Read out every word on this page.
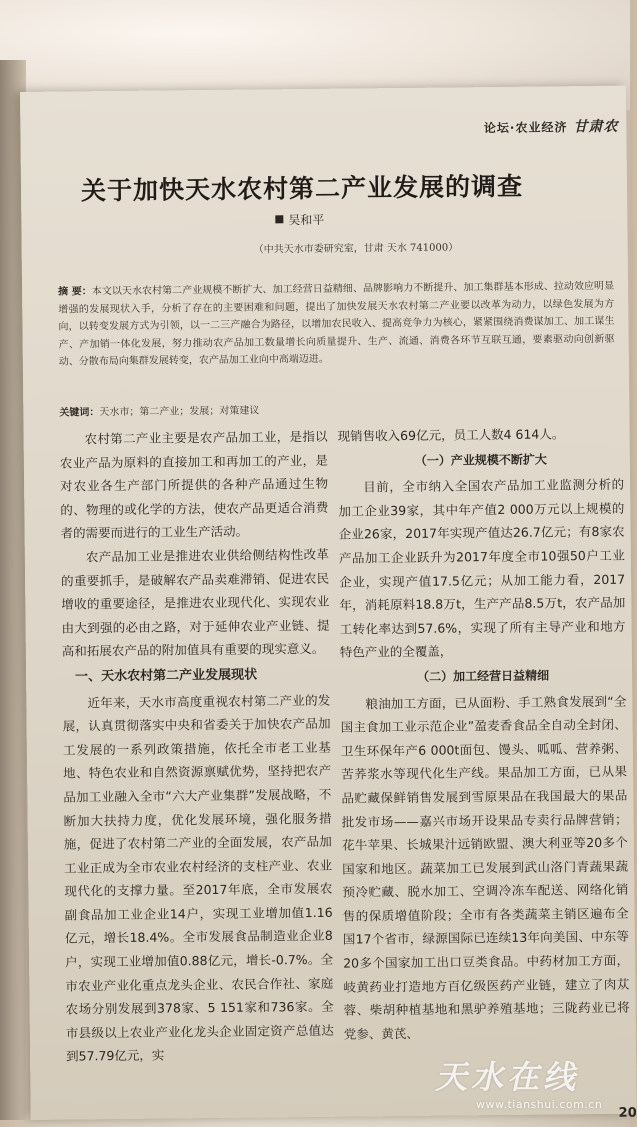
论坛·农业经济 甘肃农
关于加快天水农村第二产业发展的调查
吴和平
（中共天水市委研究室，甘肃 天水 741000）
摘 要：本文以天水农村第二产业规模不断扩大、加工经营日益精细、品牌影响力不断提升、加工集群基本形成、拉动效应明显增强的发展现状入手，分析了存在的主要困难和问题，提出了加快发展天水农村第二产业要以改革为动力，以绿色发展为方向，以转变发展方式为引领，以一二三产融合为路径，以增加农民收入、提高竞争力为核心，紧紧围绕消费谋加工、加工谋生产、产加销一体化发展，努力推动农产品加工数量增长向质量提升、生产、流通、消费各环节互联互通，要素驱动向创新驱动、分散布局向集群发展转变，农产品加工业向中高端迈进。
关键词：天水市；第二产业；发展；对策建议

农村第二产业主要是农产品加工业，是指以农业产品为原料的直接加工和再加工的产业，是对农业各生产部门所提供的各种产品通过生物的、物理的或化学的方法，使农产品更适合消费者的需要而进行的工业生产活动。

农产品加工业是推进农业供给侧结构性改革的重要抓手，是破解农产品卖难滞销、促进农民增收的重要途径，是推进农业现代化、实现农业由大到强的必由之路，对于延伸农业产业链、提高和拓展农产品的附加值具有重要的现实意义。

一、天水农村第二产业发展现状

近年来，天水市高度重视农村第二产业的发展，认真贯彻落实中央和省委关于加快农产品加工发展的一系列政策措施，依托全市老工业基地、特色农业和自然资源禀赋优势，坚持把农产品加工业融入全市“六大产业集群”发展战略，不断加大扶持力度，优化发展环境，强化服务措施，促进了农村第二产业的全面发展，农产品加工业正成为全市农业农村经济的支柱产业、农业现代化的支撑力量。至2017年底，全市发展农副食品加工业企业14户，实现工业增加值1.16亿元，增长18.4%。全市发展食品制造业企业8户，实现工业增加值0.88亿元，增长-0.7%。全市农业产业化重点龙头企业、农民合作社、家庭农场分别发展到378家、5 151家和736家。全市县级以上农业产业化龙头企业固定资产总值达到57.79亿元，实

现销售收入69亿元，员工人数4 614人。

（一）产业规模不断扩大

目前，全市纳入全国农产品加工业监测分析的加工企业39家，其中年产值2 000万元以上规模的企业26家，2017年实现产值达26.7亿元；有8家农产品加工企业跃升为2017年度全市10强50户工业企业，实现产值17.5亿元；从加工能力看，2017年，消耗原料18.8万t，生产产品8.5万t，农产品加工转化率达到57.6%，实现了所有主导产业和地方特色产业的全覆盖，

（二）加工经营日益精细

粮油加工方面，已从面粉、手工熟食发展到“全国主食加工业示范企业”盈麦香食品全自动全封闭、卫生环保年产6 000t面包、馒头、呱呱、营养粥、苦荞浆水等现代化生产线。果品加工方面，已从果品贮藏保鲜销售发展到雪原果品在我国最大的果品批发市场——嘉兴市场开设果品专卖行品牌营销；花牛苹果、长城果汁远销欧盟、澳大利亚等20多个国家和地区。蔬菜加工已发展到武山洛门青蔬果蔬预冷贮藏、脱水加工、空调冷冻车配送、网络化销售的保质增值阶段；全市有各类蔬菜主销区遍布全国17个省市，绿源国际已连续13年向美国、中东等20多个国家加工出口豆类食品。中药材加工方面，岐黄药业打造地方百亿级医药产业链，建立了肉苁蓉、柴胡种植基地和黑驴养殖基地；三陇药业已将党参、黄芪、

20
天水在线
www.tianshui.com.cn
